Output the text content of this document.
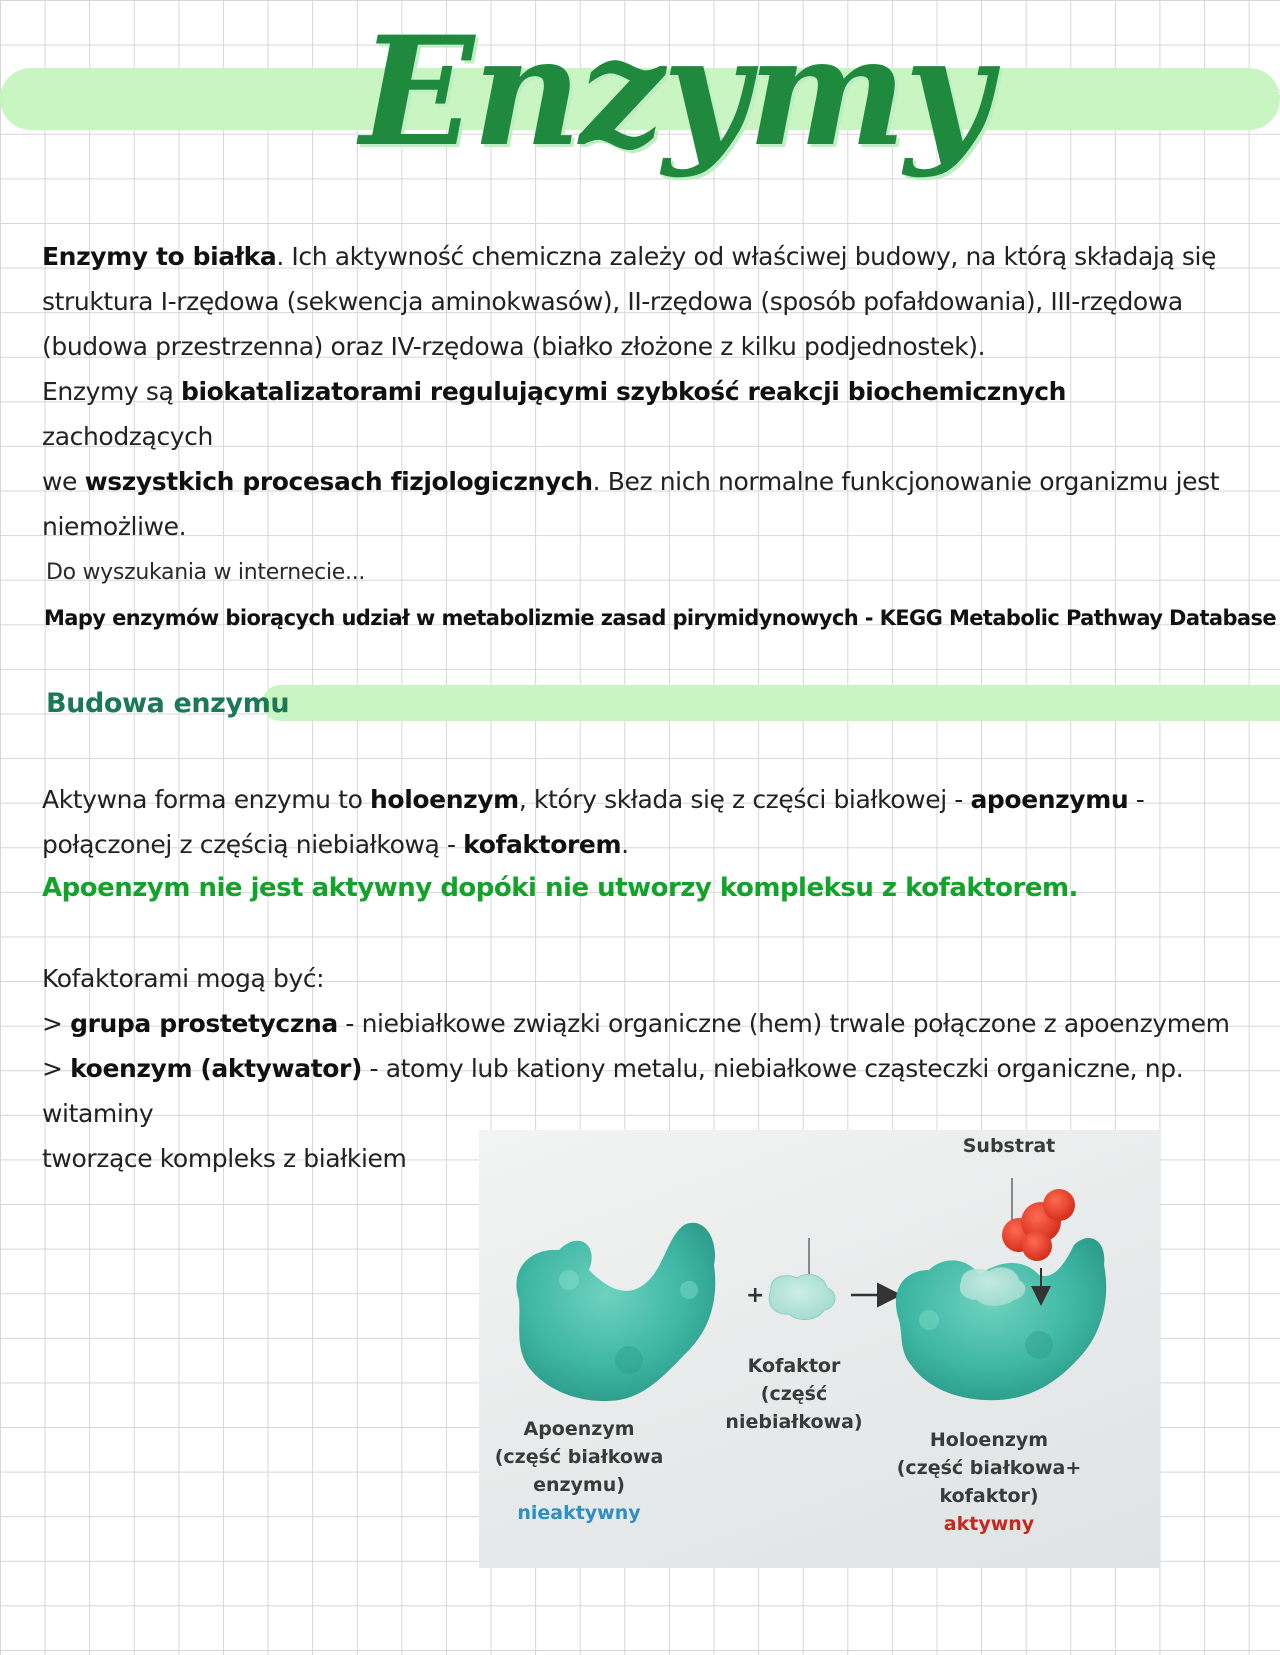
Enzymy
Enzymy to białka. Ich aktywność chemiczna zależy od właściwej budowy, na którą składają się
struktura I-rzędowa (sekwencja aminokwasów), II-rzędowa (sposób pofałdowania), III-rzędowa
(budowa przestrzenna) oraz IV-rzędowa (białko złożone z kilku podjednostek).
Enzymy są biokatalizatorami regulującymi szybkość reakcji biochemicznych zachodzących
we wszystkich procesach fizjologicznych. Bez nich normalne funkcjonowanie organizmu jest
niemożliwe.
Do wyszukania w internecie...
Mapy enzymów biorących udział w metabolizmie zasad pirymidynowych - KEGG Metabolic Pathway Database
Budowa enzymu
Aktywna forma enzymu to holoenzym, który składa się z części białkowej - apoenzymu -
połączonej z częścią niebiałkową - kofaktorem.
Apoenzym nie jest aktywny dopóki nie utworzy kompleksu z kofaktorem.
Kofaktorami mogą być:
> grupa prostetyczna - niebiałkowe związki organiczne (hem) trwale połączone z apoenzymem
> koenzym (aktywator) - atomy lub kationy metalu, niebiałkowe cząsteczki organiczne, np. witaminy
tworzące kompleks z białkiem
+
Substrat
Kofaktor
(część niebiałkowa)
Apoenzym
(część białkowa
enzymu)
nieaktywny
Holoenzym
(część białkowa+
kofaktor)
aktywny
